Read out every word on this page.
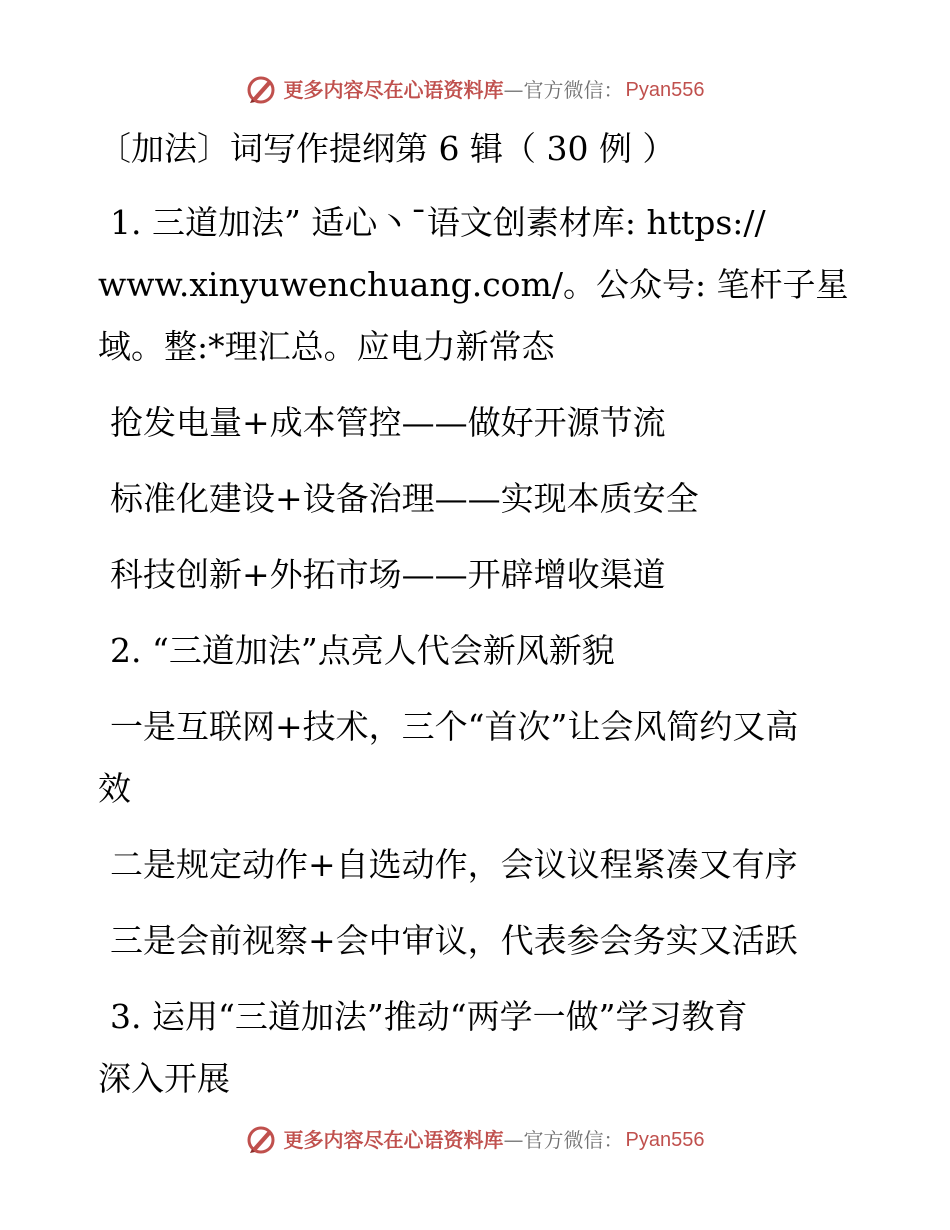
更多内容尽在心语资料库 — 官方微信： Pyan556
〔加法〕词写作提纲第 6 辑（ 30 例 ）
1. 三道加法” 适心丶¯语文创素材库: https://
www.xinyuwenchuang.com/。公众号: 笔杆子星
域。整:*理汇总。应电力新常态
抢发电量+成本管控——做好开源节流
标准化建设+设备治理——实现本质安全
科技创新+外拓市场——开辟增收渠道
2. “三道加法”点亮人代会新风新貌
一是互联网+技术，三个“首次”让会风简约又高
效
二是规定动作+自选动作，会议议程紧凑又有序
三是会前视察+会中审议，代表参会务实又活跃
3. 运用“三道加法”推动“两学一做”学习教育
深入开展
更多内容尽在心语资料库 — 官方微信： Pyan556
